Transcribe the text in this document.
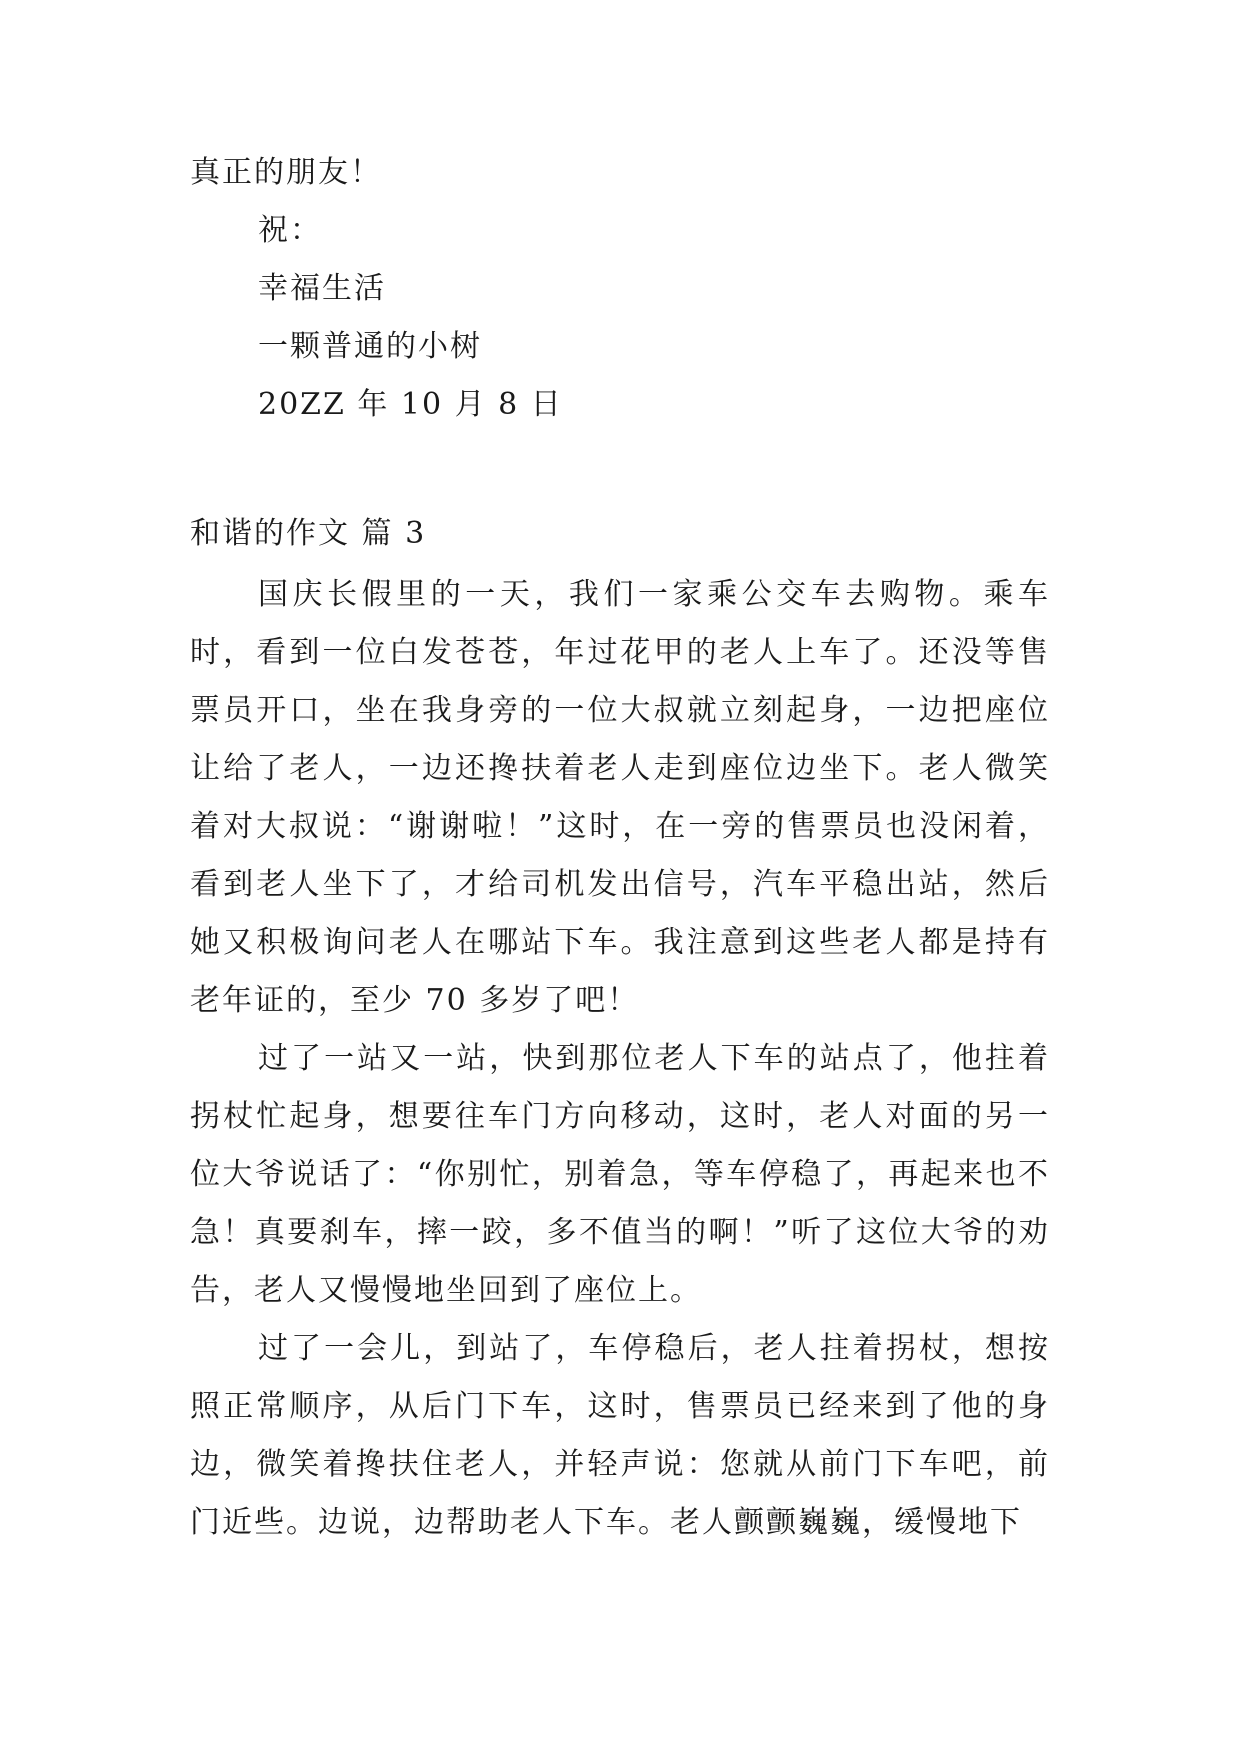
真正的朋友！
祝：
幸福生活
一颗普通的小树
20ZZ 年 10 月 8 日
和谐的作文 篇 3

国庆长假里的一天，我们一家乘公交车去购物。乘车时，看到一位白发苍苍，年过花甲的老人上车了。还没等售票员开口，坐在我身旁的一位大叔就立刻起身，一边把座位让给了老人，一边还搀扶着老人走到座位边坐下。老人微笑着对大叔说：“谢谢啦！”这时，在一旁的售票员也没闲着，看到老人坐下了，才给司机发出信号，汽车平稳出站，然后她又积极询问老人在哪站下车。我注意到这些老人都是持有老年证的，至少 70 多岁了吧！

过了一站又一站，快到那位老人下车的站点了，他拄着拐杖忙起身，想要往车门方向移动，这时，老人对面的另一位大爷说话了：“你别忙，别着急，等车停稳了，再起来也不急！真要刹车，摔一跤，多不值当的啊！”听了这位大爷的劝告，老人又慢慢地坐回到了座位上。

过了一会儿，到站了，车停稳后，老人拄着拐杖，想按照正常顺序，从后门下车，这时，售票员已经来到了他的身边，微笑着搀扶住老人，并轻声说：您就从前门下车吧，前门近些。边说，边帮助老人下车。老人颤颤巍巍，缓慢地下
